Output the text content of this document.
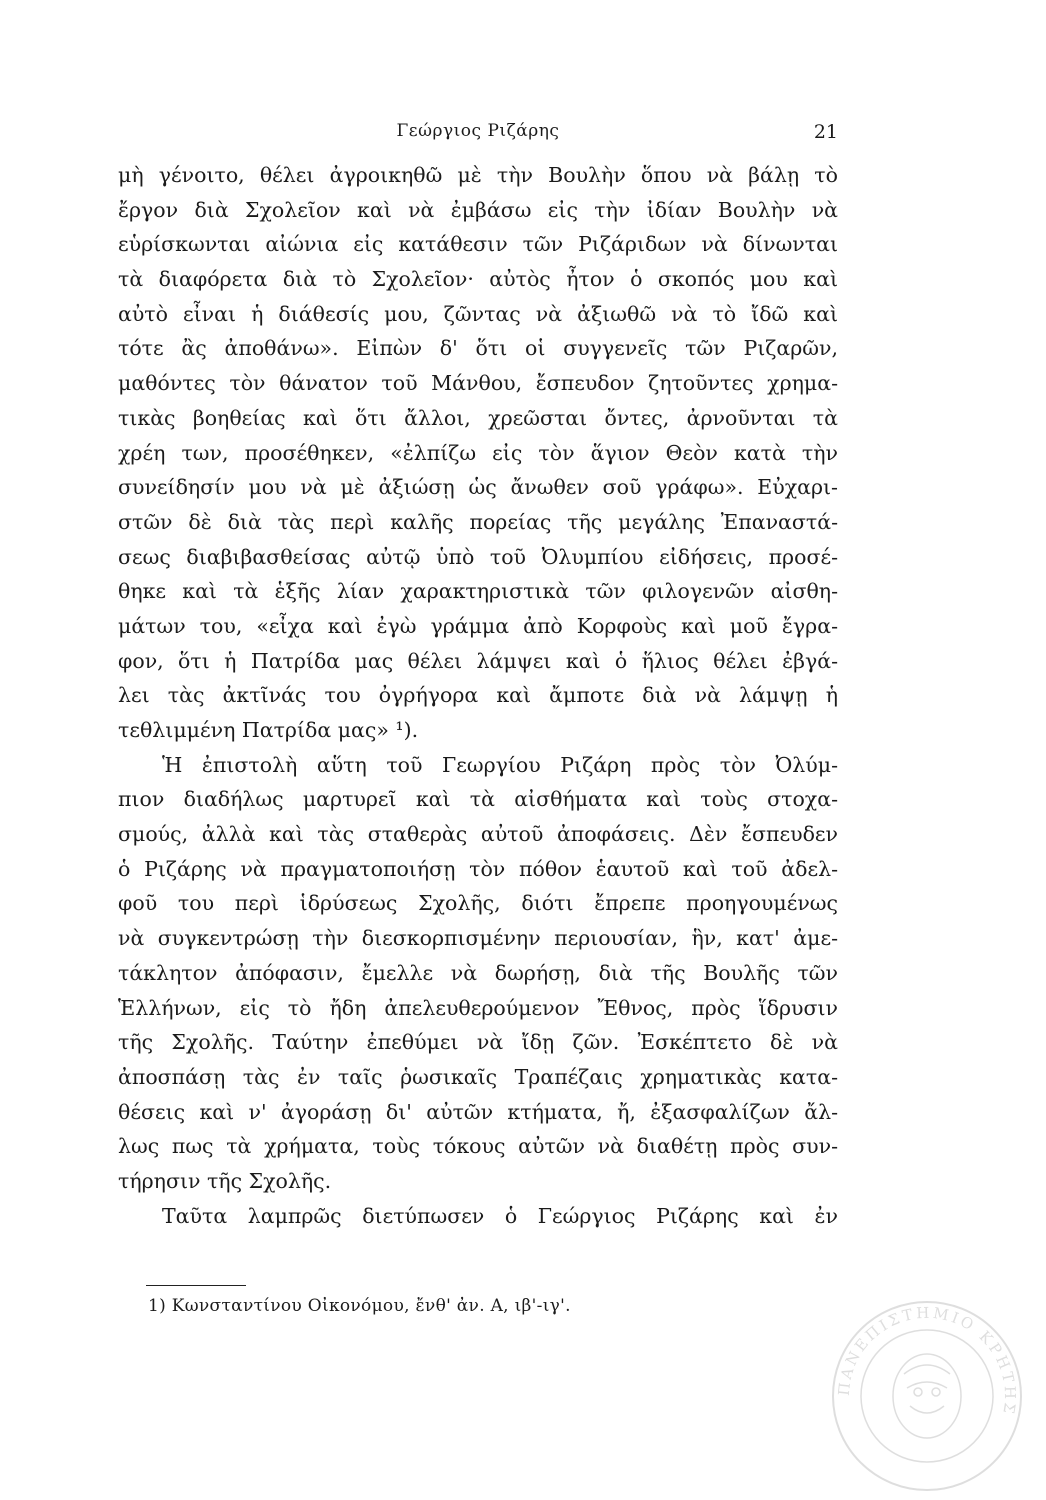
Γεώργιος Ριζάρης	21
μὴ γένοιτο, θέλει ἀγροικηθῶ μὲ τὴν Βουλὴν ὅπου νὰ βάλῃ τὸ
ἔργον διὰ Σχολεῖον καὶ νὰ ἐμβάσω εἰς τὴν ἰδίαν Βουλὴν νὰ
εὑρίσκωνται αἰώνια εἰς κατάθεσιν τῶν Ριζάριδων νὰ δίνωνται
τὰ διαφόρετα διὰ τὸ Σχολεῖον· αὐτὸς ἦτον ὁ σκοπός μου καὶ
αὐτὸ εἶναι ἡ διάθεσίς μου, ζῶντας νὰ ἀξιωθῶ νὰ τὸ ἴδῶ καὶ
τότε ἂς ἀποθάνω». Εἰπὼν δ' ὅτι οἱ συγγενεῖς τῶν Ριζαρῶν,
μαθόντες τὸν θάνατον τοῦ Μάνθου, ἔσπευδον ζητοῦντες χρημα-
τικὰς βοηθείας καὶ ὅτι ἄλλοι, χρεῶσται ὄντες, ἀρνοῦνται τὰ
χρέη των, προσέθηκεν, «ἐλπίζω εἰς τὸν ἅγιον Θεὸν κατὰ τὴν
συνείδησίν μου νὰ μὲ ἀξιώσῃ ὡς ἄνωθεν σοῦ γράφω». Εὐχαρι-
στῶν δὲ διὰ τὰς περὶ καλῆς πορείας τῆς μεγάλης Ἐπαναστά-
σεως διαβιβασθείσας αὐτῷ ὑπὸ τοῦ Ὀλυμπίου εἰδήσεις, προσέ-
θηκε καὶ τὰ ἑξῆς λίαν χαρακτηριστικὰ τῶν φιλογενῶν αἰσθη-
μάτων του, «εἶχα καὶ ἐγὼ γράμμα ἀπὸ Κορφοὺς καὶ μοῦ ἔγρα-
φον, ὅτι ἡ Πατρίδα μας θέλει λάμψει καὶ ὁ ἥλιος θέλει ἐβγά-
λει τὰς ἀκτῖνάς του ὀγρήγορα καὶ ἄμποτε διὰ νὰ λάμψῃ ἡ
τεθλιμμένη Πατρίδα μας» ¹).
Ἡ ἐπιστολὴ αὕτη τοῦ Γεωργίου Ριζάρη πρὸς τὸν Ὀλύμ-
πιον διαδήλως μαρτυρεῖ καὶ τὰ αἰσθήματα καὶ τοὺς στοχα-
σμούς, ἀλλὰ καὶ τὰς σταθερὰς αὐτοῦ ἀποφάσεις. Δὲν ἔσπευδεν
ὁ Ριζάρης νὰ πραγματοποιήσῃ τὸν πόθον ἑαυτοῦ καὶ τοῦ ἀδελ-
φοῦ του περὶ ἱδρύσεως Σχολῆς, διότι ἔπρεπε προηγουμένως
νὰ συγκεντρώσῃ τὴν διεσκορπισμένην περιουσίαν, ἣν, κατ' ἀμε-
τάκλητον ἀπόφασιν, ἔμελλε νὰ δωρήσῃ, διὰ τῆς Βουλῆς τῶν
Ἑλλήνων, εἰς τὸ ἤδη ἀπελευθερούμενον Ἔθνος, πρὸς ἵδρυσιν
τῆς Σχολῆς. Ταύτην ἐπεθύμει νὰ ἴδῃ ζῶν. Ἐσκέπτετο δὲ νὰ
ἀποσπάσῃ τὰς ἐν ταῖς ῥωσικαῖς Τραπέζαις χρηματικὰς κατα-
θέσεις καὶ ν' ἀγοράσῃ δι' αὐτῶν κτήματα, ἤ, ἐξασφαλίζων ἄλ-
λως πως τὰ χρήματα, τοὺς τόκους αὐτῶν νὰ διαθέτῃ πρὸς συν-
τήρησιν τῆς Σχολῆς.
Ταῦτα λαμπρῶς διετύπωσεν ὁ Γεώργιος Ριζάρης καὶ ἐν
1) Κωνσταντίνου Οἰκονόμου, ἔνθ' ἀν. Α, ιβ'-ιγ'.
ΠΑΝΕΠΙΣΤΗΜΙΟ ΚΡΗΤΗΣ
